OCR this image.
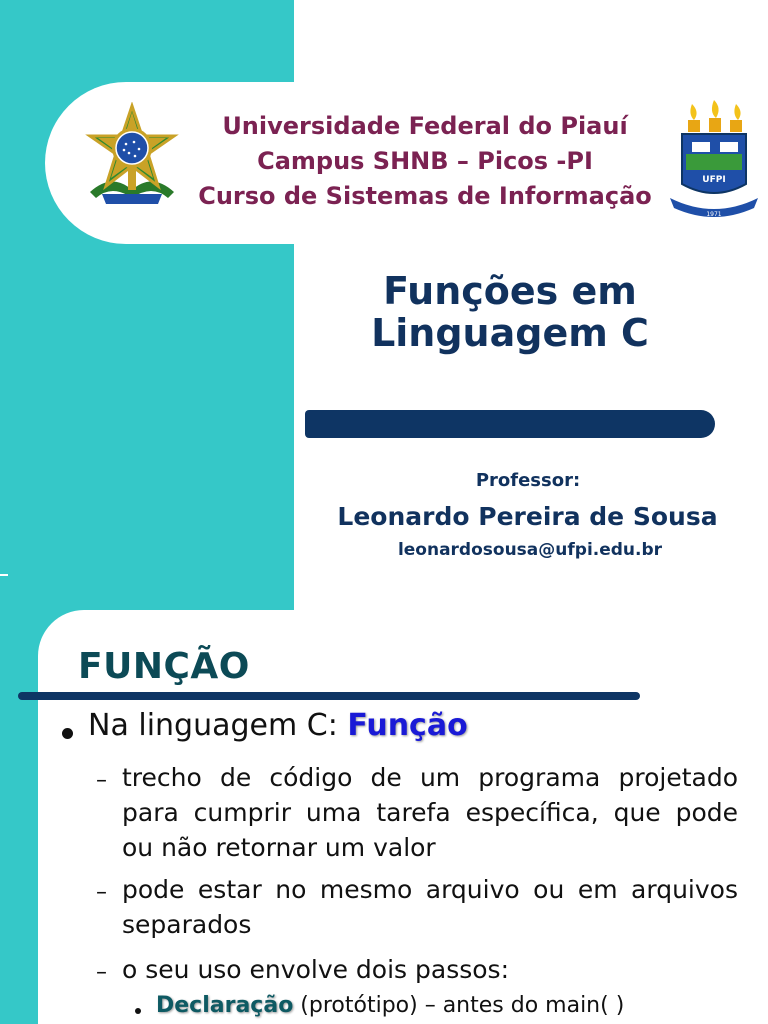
Universidade Federal do Piauí
Campus SHNB – Picos -PI
Curso de Sistemas de Informação
UFPI
1971
Funções em
Linguagem C
Professor:
Leonardo Pereira de Sousa
leonardosousa@ufpi.edu.br
FUNÇÃO
Na linguagem C: Função
– trecho de código de um programa projetado
para cumprir uma tarefa específica, que pode
ou não retornar um valor
– pode estar no mesmo arquivo ou em arquivos
separados
– o seu uso envolve dois passos:
Declaração (protótipo) – antes do main( )
